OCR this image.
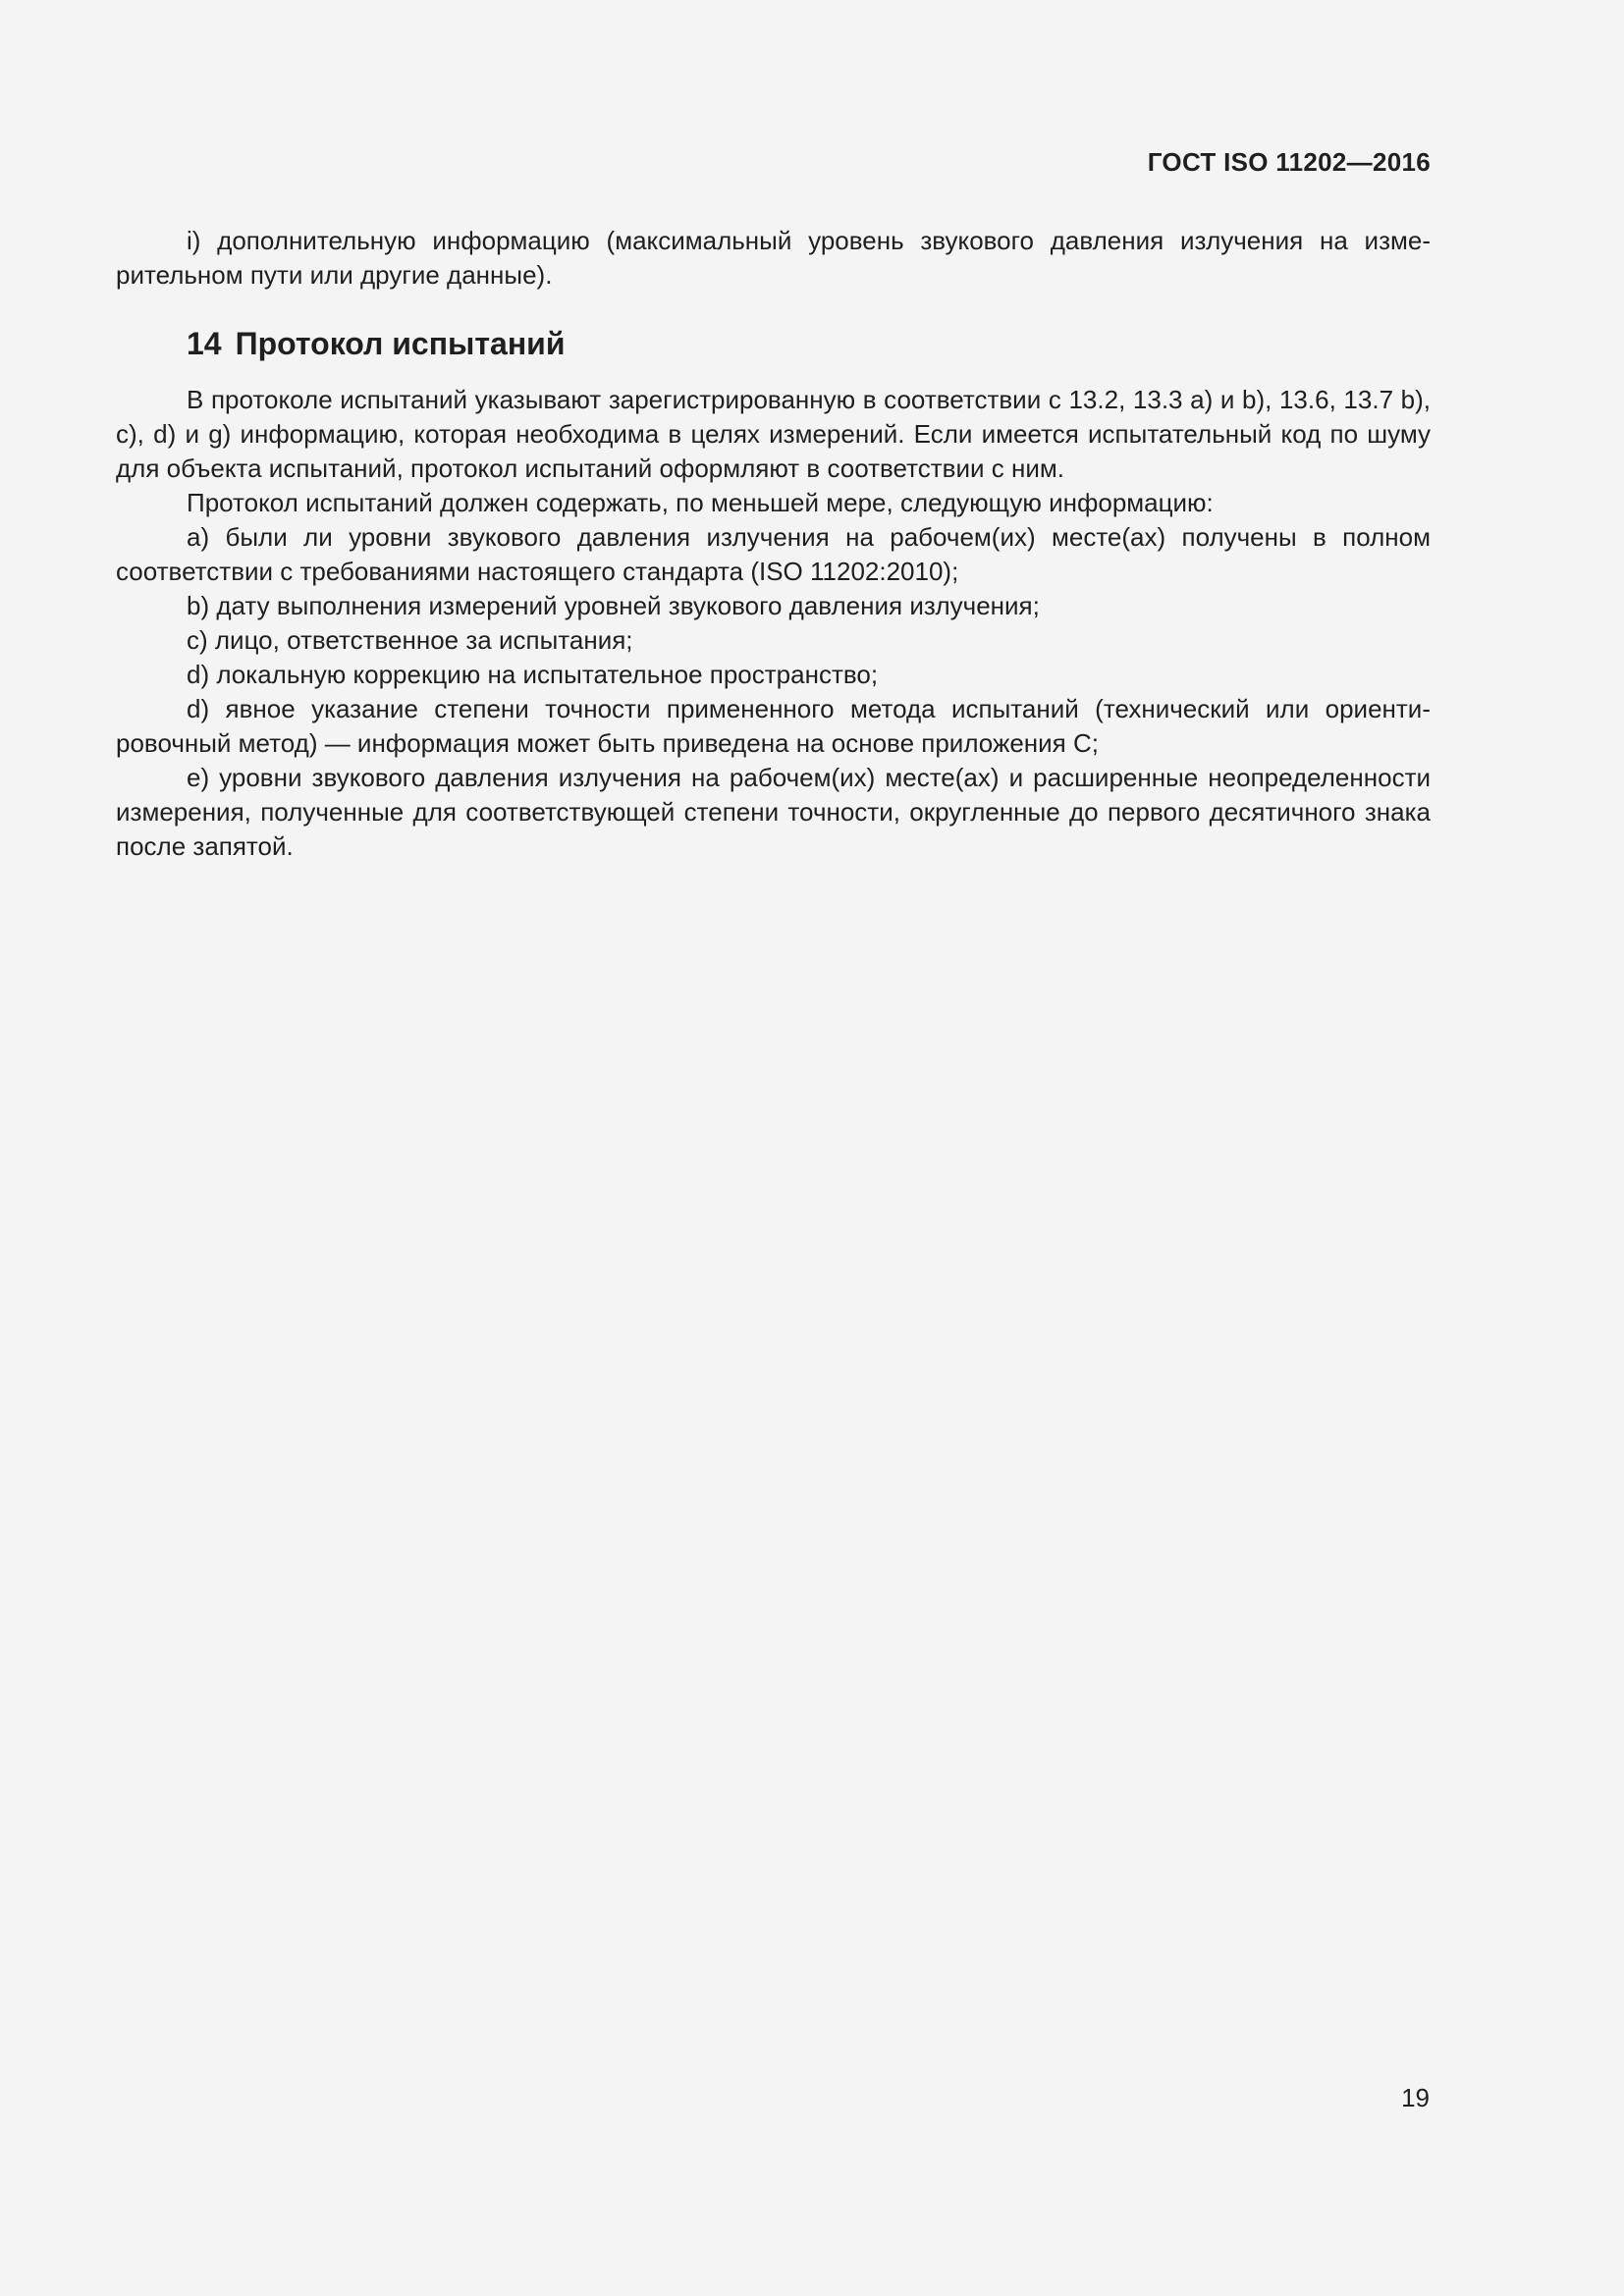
ГОСТ ISO 11202—2016

i) дополнительную информацию (максимальный уровень звукового давления излучения на измерительном пути или другие данные).

14 Протокол испытаний

В протоколе испытаний указывают зарегистрированную в соответствии с 13.2, 13.3 а) и b), 13.6, 13.7 b), с), d) и g) информацию, которая необходима в целях измерений. Если имеется испытательный код по шуму для объекта испытаний, протокол испытаний оформляют в соответствии с ним.

Протокол испытаний должен содержать, по меньшей мере, следующую информацию:

a) были ли уровни звукового давления излучения на рабочем(их) месте(ах) получены в полном соответствии с требованиями настоящего стандарта (ISO 11202:2010);

b) дату выполнения измерений уровней звукового давления излучения;

c) лицо, ответственное за испытания;

d) локальную коррекцию на испытательное пространство;

d) явное указание степени точности примененного метода испытаний (технический или ориентировочный метод) — информация может быть приведена на основе приложения С;

e) уровни звукового давления излучения на рабочем(их) месте(ах) и расширенные неопределенности измерения, полученные для соответствующей степени точности, округленные до первого десятичного знака после запятой.

19
